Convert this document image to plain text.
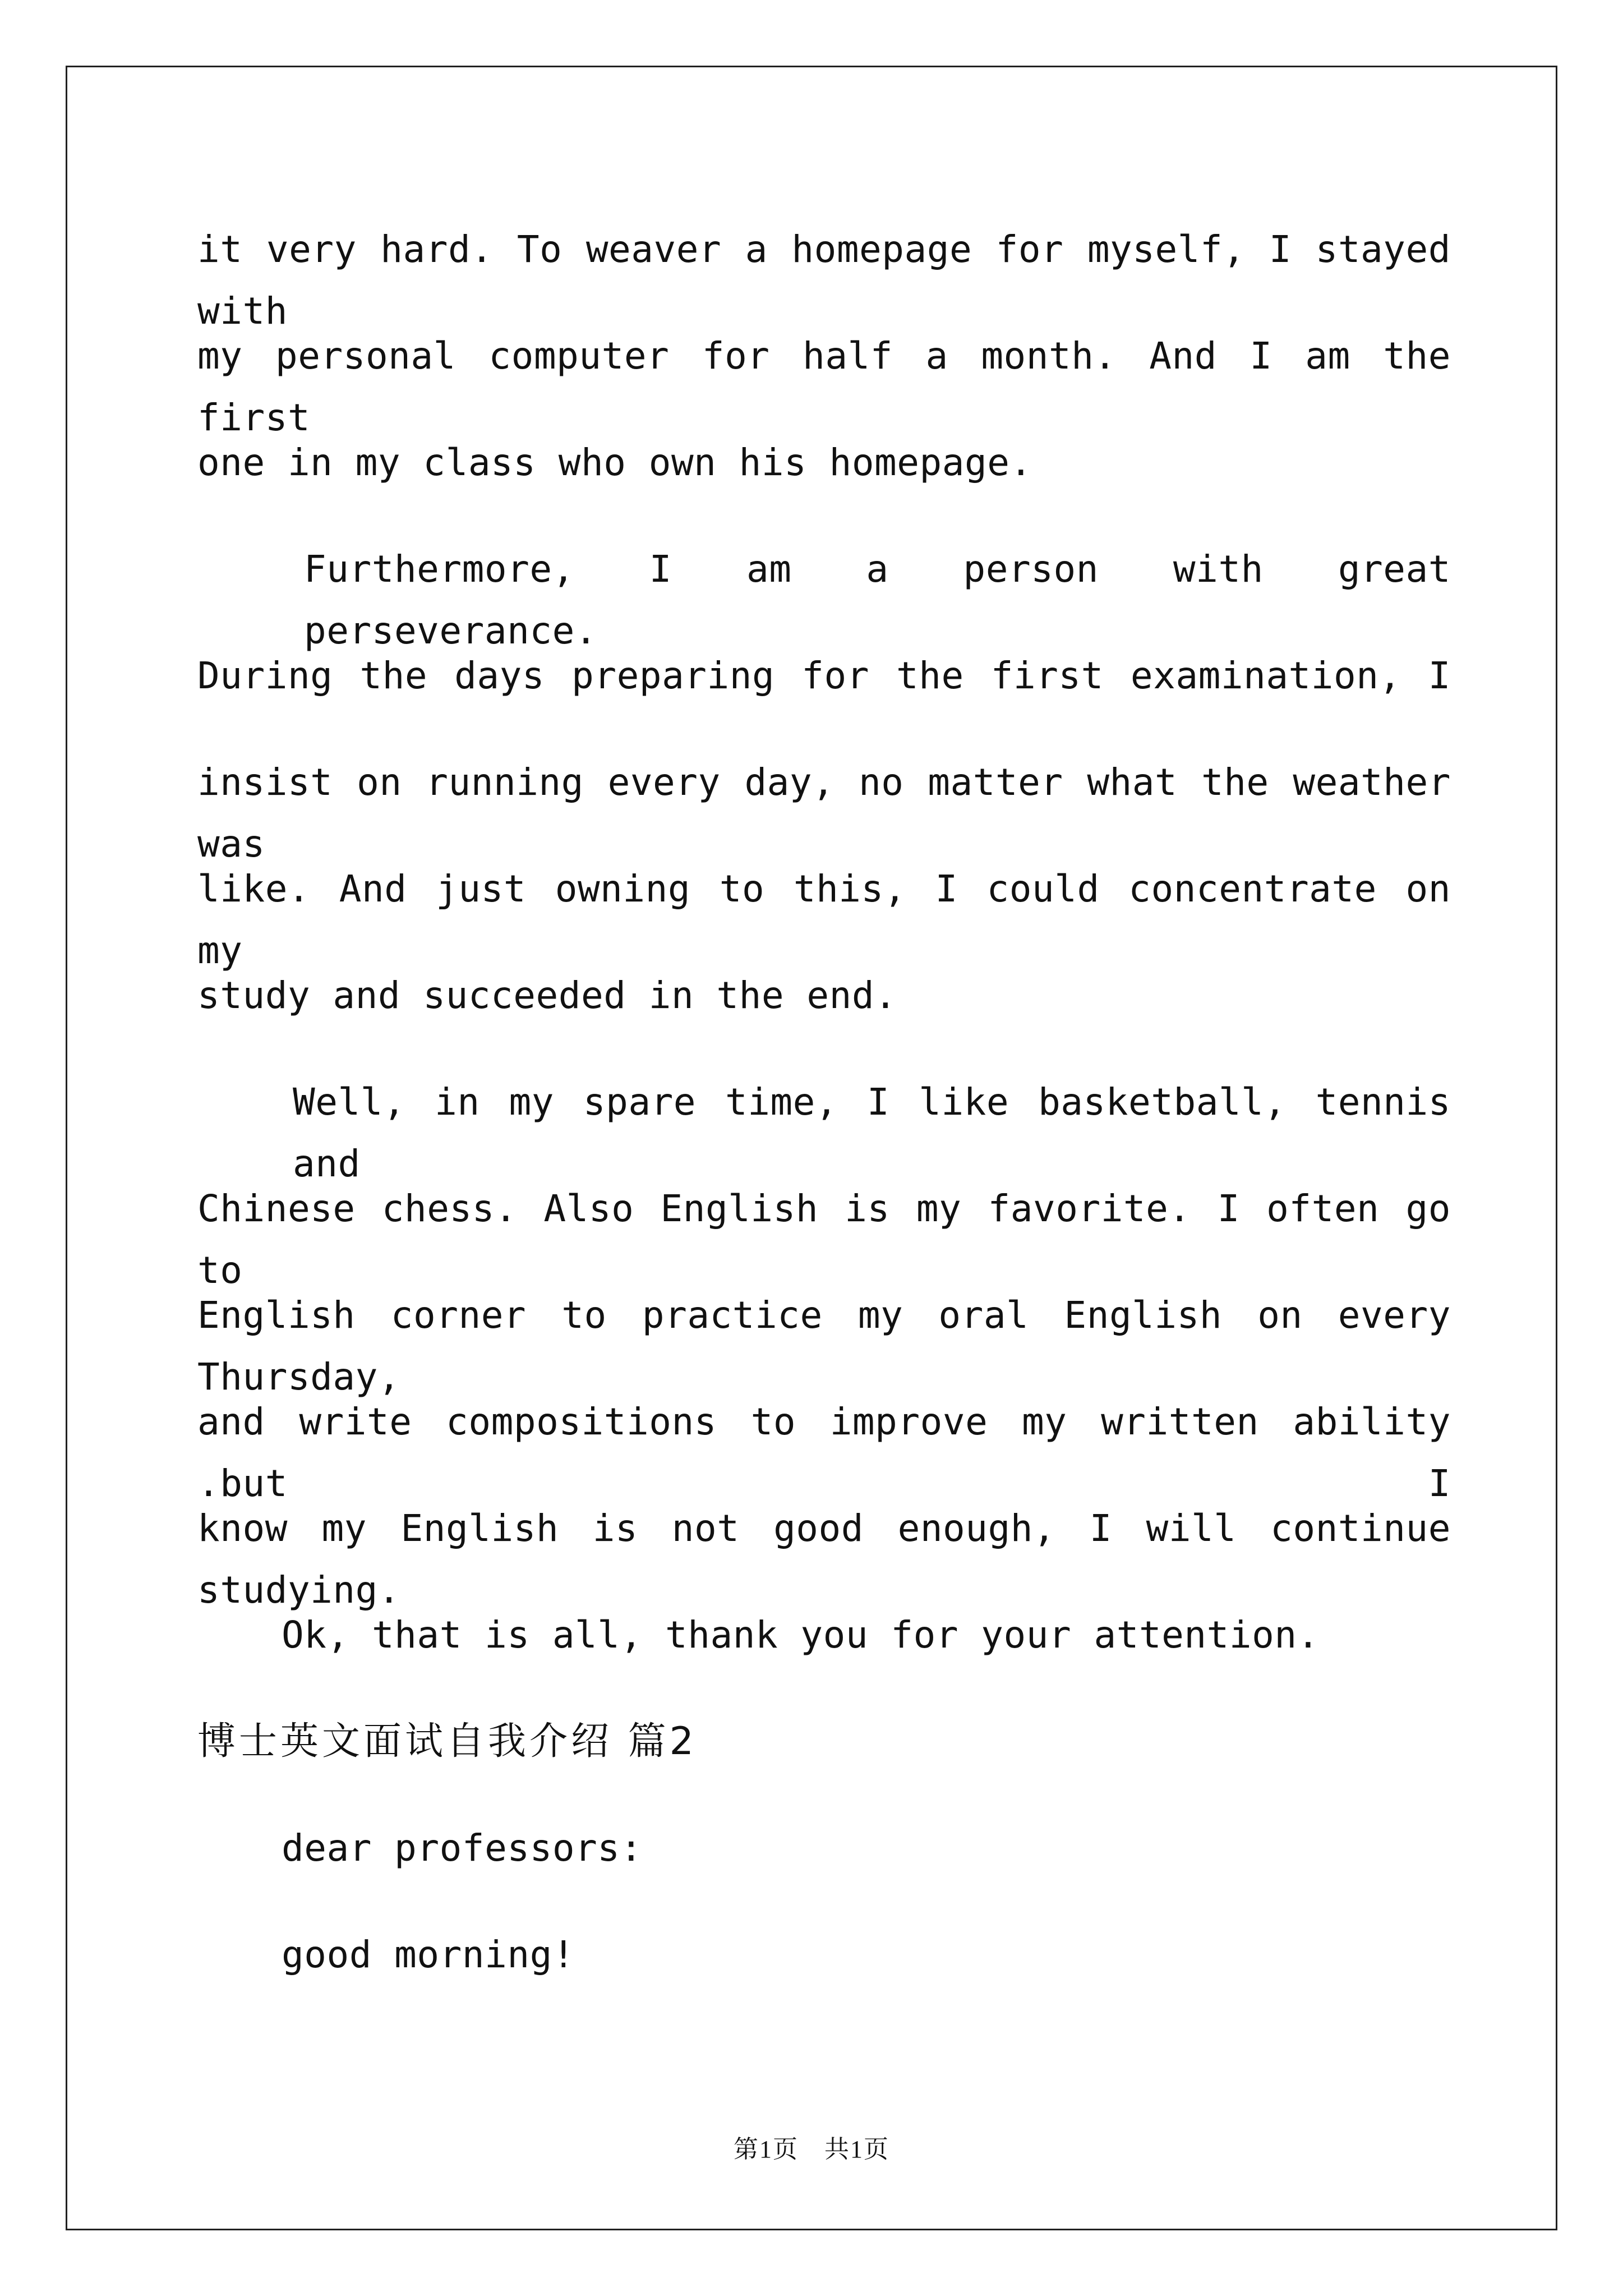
it very hard. To weaver a homepage for myself, I stayed with
my personal computer for half a month. And I am the first
one in my class who own his homepage.
Furthermore, I am a person with great perseverance.
During the days preparing for the first examination, I
insist on running every day, no matter what the weather was
like. And just owning to this, I could concentrate on my
study and succeeded in the end.
Well, in my spare time, I like basketball, tennis and
Chinese chess. Also English is my favorite. I often go to
English corner to practice my oral English on every Thursday,
and write compositions to improve my written ability .but I
know my English is not good enough, I will continue studying.
Ok, that is all, thank you for your attention.
博士英文面试自我介绍 篇2
dear professors:
good morning!
第1页　共1页
